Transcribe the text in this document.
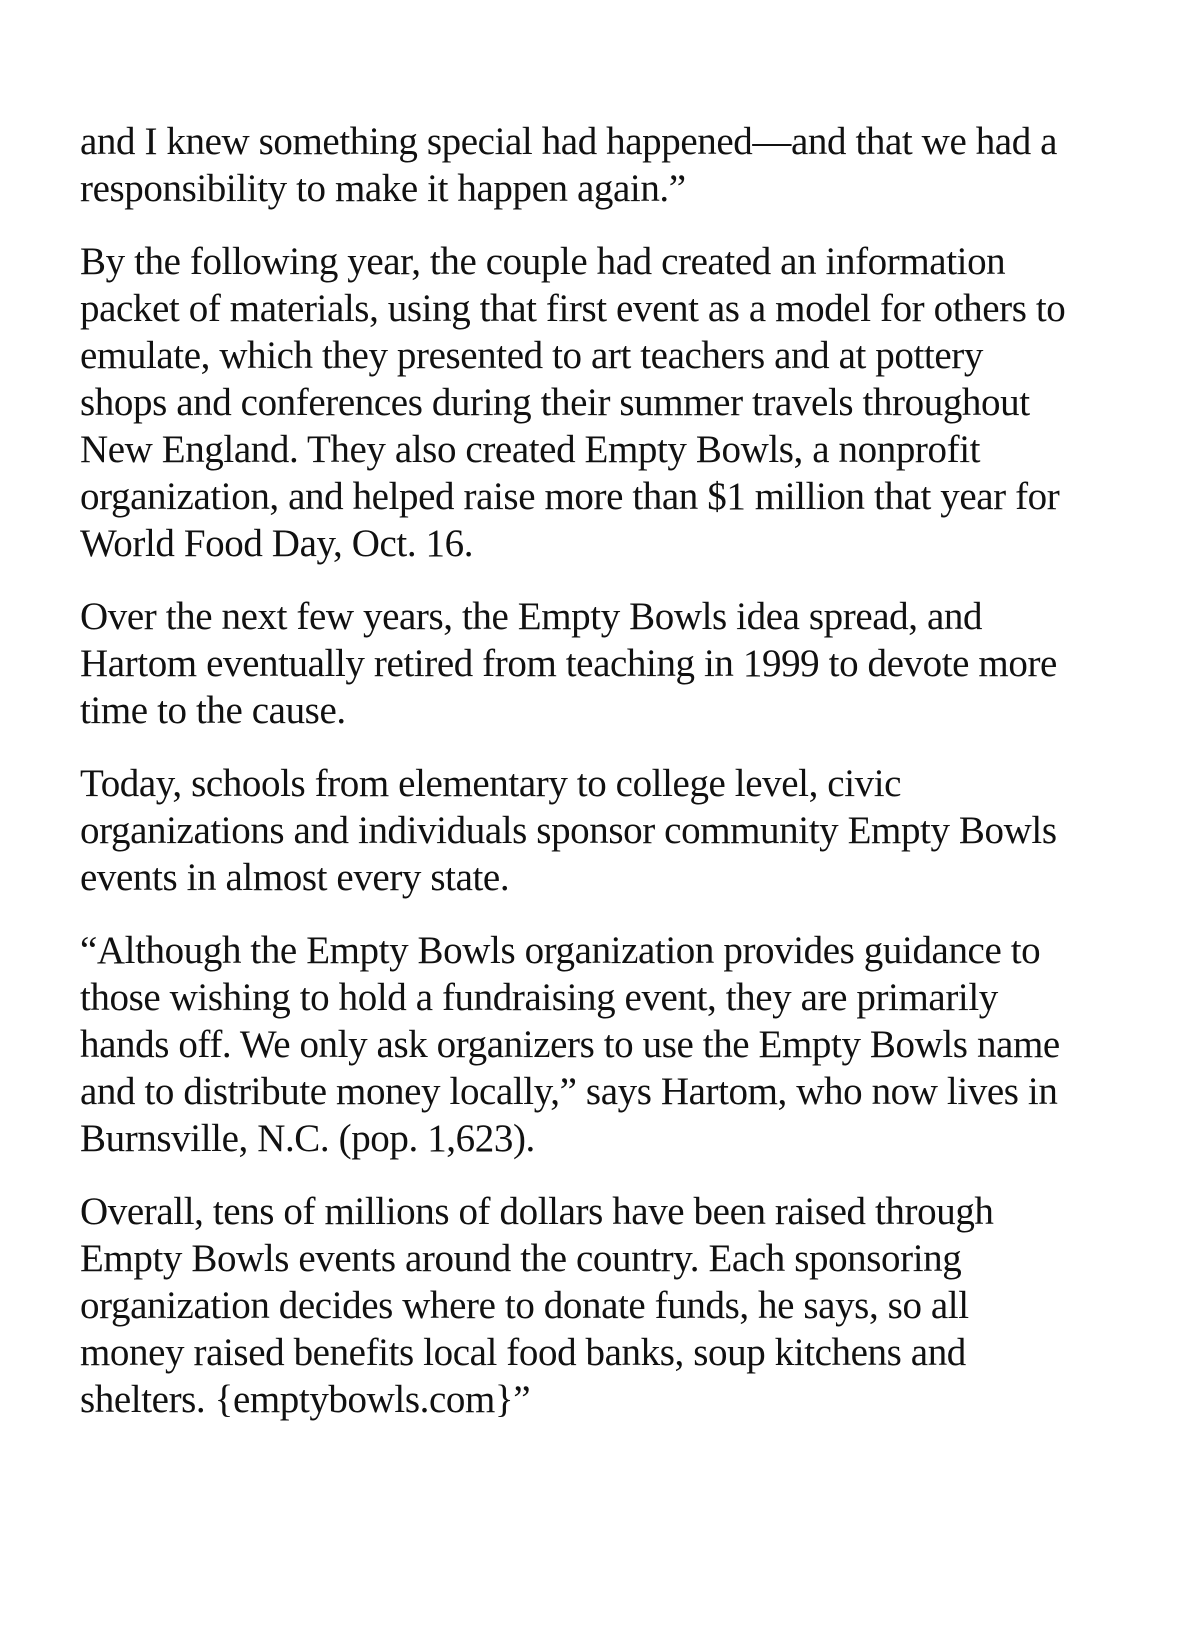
and I knew something special had happened—and that we had a
responsibility to make it happen again.”

By the following year, the couple had created an information
packet of materials, using that first event as a model for others to
emulate, which they presented to art teachers and at pottery
shops and conferences during their summer travels throughout
New England. They also created Empty Bowls, a nonprofit
organization, and helped raise more than $1 million that year for
World Food Day, Oct. 16.

Over the next few years, the Empty Bowls idea spread, and
Hartom eventually retired from teaching in 1999 to devote more
time to the cause.

Today, schools from elementary to college level, civic
organizations and individuals sponsor community Empty Bowls
events in almost every state.

“Although the Empty Bowls organization provides guidance to
those wishing to hold a fundraising event, they are primarily
hands off. We only ask organizers to use the Empty Bowls name
and to distribute money locally,” says Hartom, who now lives in
Burnsville, N.C. (pop. 1,623).

Overall, tens of millions of dollars have been raised through
Empty Bowls events around the country. Each sponsoring
organization decides where to donate funds, he says, so all
money raised benefits local food banks, soup kitchens and
shelters. {emptybowls.com}”
